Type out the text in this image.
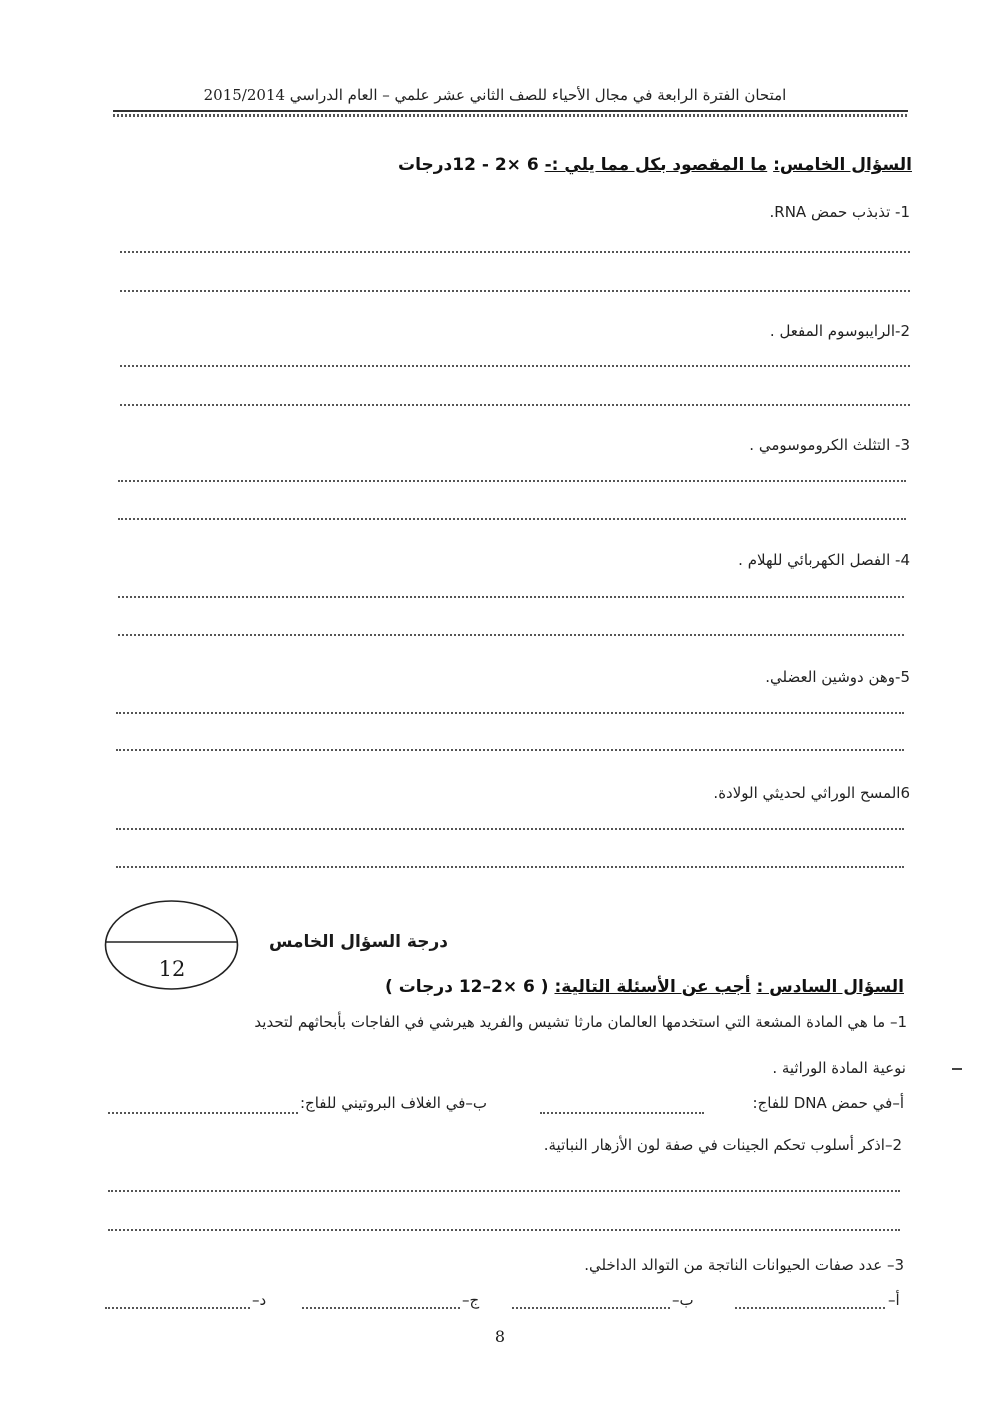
امتحان الفترة الرابعة في مجال الأحياء للصف الثاني عشر علمي – العام الدراسي 2015/2014
السؤال الخامس: ما المقصود بكل مما يلي :- 6 ×2 - 12درجات
1- تذبذب حمض RNA.
2-الرايبوسوم المفعل .
3- التثلث الكروموسومي .
4- الفصل الكهربائي للهلام .
5-وهن دوشين العضلي.
6المسح الوراثي لحديثي الولادة.
12
درجة السؤال الخامس
السؤال السادس : أجب عن الأسئلة التالية: ( 6 ×2–12 درجات )
1– ما هي المادة المشعة التي استخدمها العالمان مارثا تشيس والفريد هيرشي في الفاجات بأبحاثهم لتحديد
نوعية المادة الوراثية .
أ–في حمض DNA للفاج:
ب–في الغلاف البروتيني للفاج:
2–اذكر أسلوب تحكم الجينات في صفة لون الأزهار النباتية.
3– عدد صفات الحيوانات الناتجة من التوالد الداخلي.
أ–
ب–
ج–
د–
8
